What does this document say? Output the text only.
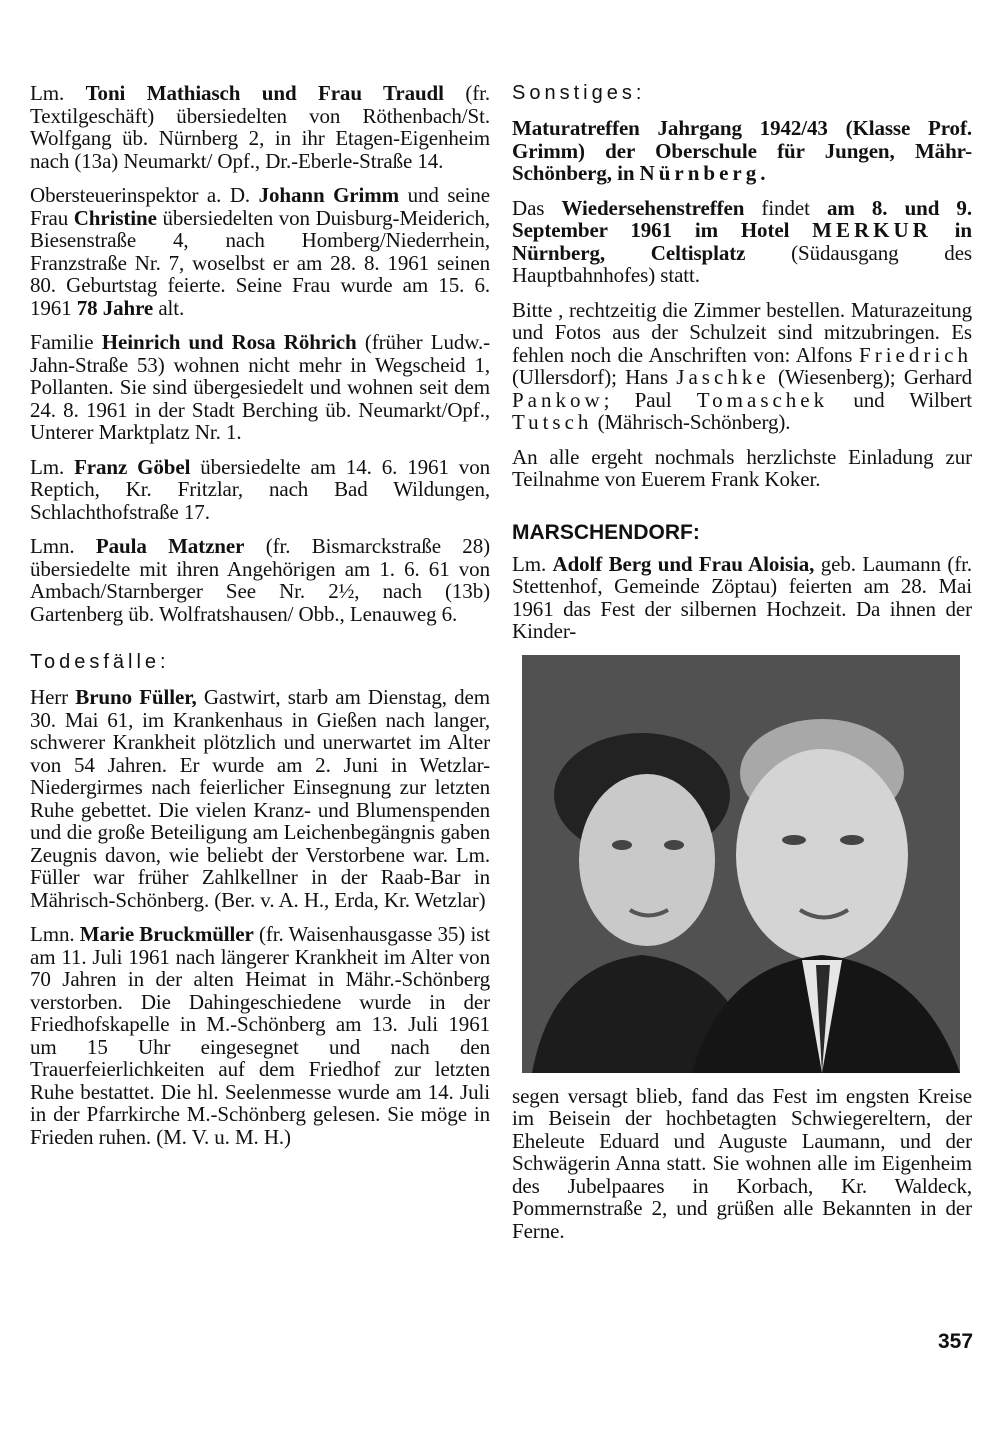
Lm. Toni Mathiasch und Frau Traudl (fr. Textilgeschäft) übersiedelten von Röthenbach/St. Wolfgang üb. Nürnberg 2, in ihr Etagen-Eigenheim nach (13a) Neumarkt/ Opf., Dr.-Eberle-Straße 14.

Obersteuerinspektor a. D. Johann Grimm und seine Frau Christine übersiedelten von Duisburg-Meiderich, Biesenstraße 4, nach Homberg/Niederrhein, Franzstraße Nr. 7, woselbst er am 28. 8. 1961 seinen 80. Geburtstag feierte. Seine Frau wurde am 15. 6. 1961 78 Jahre alt.

Familie Heinrich und Rosa Röhrich (früher Ludw.-Jahn-Straße 53) wohnen nicht mehr in Wegscheid 1, Pollanten. Sie sind übergesiedelt und wohnen seit dem 24. 8. 1961 in der Stadt Berching üb. Neumarkt/Opf., Unterer Marktplatz Nr. 1.

Lm. Franz Göbel übersiedelte am 14. 6. 1961 von Reptich, Kr. Fritzlar, nach Bad Wildungen, Schlachthofstraße 17.

Lmn. Paula Matzner (fr. Bismarckstraße 28) übersiedelte mit ihren Angehörigen am 1. 6. 61 von Ambach/Starnberger See Nr. 2½, nach (13b) Gartenberg üb. Wolfratshausen/ Obb., Lenauweg 6.

Todesfälle:

Herr Bruno Füller, Gastwirt, starb am Dienstag, dem 30. Mai 61, im Krankenhaus in Gießen nach langer, schwerer Krankheit plötzlich und unerwartet im Alter von 54 Jahren. Er wurde am 2. Juni in Wetzlar-Niedergirmes nach feierlicher Einsegnung zur letzten Ruhe gebettet. Die vielen Kranz- und Blumenspenden und die große Beteiligung am Leichenbegängnis gaben Zeugnis davon, wie beliebt der Verstorbene war. Lm. Füller war früher Zahlkellner in der Raab-Bar in Mährisch-Schönberg. (Ber. v. A. H., Erda, Kr. Wetzlar)

Lmn. Marie Bruckmüller (fr. Waisenhausgasse 35) ist am 11. Juli 1961 nach längerer Krankheit im Alter von 70 Jahren in der alten Heimat in Mähr.-Schönberg verstorben. Die Dahingeschiedene wurde in der Friedhofskapelle in M.-Schönberg am 13. Juli 1961 um 15 Uhr eingesegnet und nach den Trauerfeierlichkeiten auf dem Friedhof zur letzten Ruhe bestattet. Die hl. Seelenmesse wurde am 14. Juli in der Pfarrkirche M.-Schönberg gelesen. Sie möge in Frieden ruhen. (M. V. u. M. H.)

Sonstiges:

Maturatreffen Jahrgang 1942/43 (Klasse Prof. Grimm) der Oberschule für Jungen, Mähr-Schönberg, in Nürnberg.

Das Wiedersehenstreffen findet am 8. und 9. September 1961 im Hotel MERKUR in Nürnberg, Celtisplatz (Südausgang des Hauptbahnhofes) statt.

Bitte , rechtzeitig die Zimmer bestellen. Maturazeitung und Fotos aus der Schulzeit sind mitzubringen. Es fehlen noch die Anschriften von: Alfons Friedrich (Ullersdorf); Hans Jaschke (Wiesenberg); Gerhard Pankow; Paul Tomaschek und Wilbert Tutsch (Mährisch-Schönberg).

An alle ergeht nochmals herzlichste Einladung zur Teilnahme von Euerem Frank Koker.

MARSCHENDORF:

Lm. Adolf Berg und Frau Aloisia, geb. Laumann (fr. Stettenhof, Gemeinde Zöptau) feierten am 28. Mai 1961 das Fest der silbernen Hochzeit. Da ihnen der Kinder-

segen versagt blieb, fand das Fest im engsten Kreise im Beisein der hochbetagten Schwiegereltern, der Eheleute Eduard und Auguste Laumann, und der Schwägerin Anna statt. Sie wohnen alle im Eigenheim des Jubelpaares in Korbach, Kr. Waldeck, Pommernstraße 2, und grüßen alle Bekannten in der Ferne.

357
